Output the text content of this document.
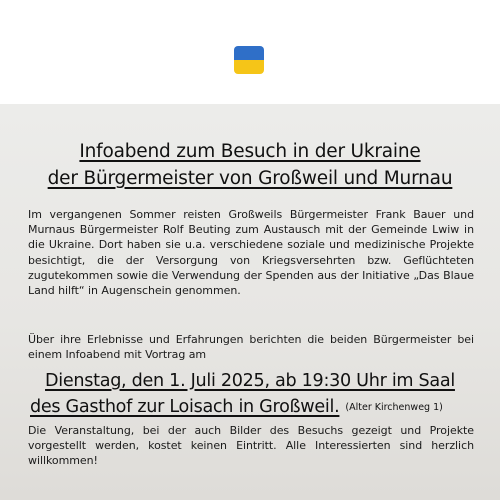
Infoabend zum Besuch in der Ukraine
der Bürgermeister von Großweil und Murnau
Im vergangenen Sommer reisten Großweils Bürgermeister Frank Bauer und Murnaus Bürgermeister Rolf Beuting zum Austausch mit der Gemeinde Lwiw in die Ukraine. Dort haben sie u.a. verschiedene soziale und medizinische Projekte besichtigt, die der Versorgung von Kriegsversehrten bzw. Geflüchteten zugutekommen sowie die Verwendung der Spenden aus der Initiative „Das Blaue Land hilft“ in Augenschein genommen.
Über ihre Erlebnisse und Erfahrungen berichten die beiden Bürgermeister bei einem Infoabend mit Vortrag am
Dienstag, den 1. Juli 2025, ab 19:30 Uhr im Saal
des Gasthof zur Loisach in Großweil. (Alter Kirchenweg 1)
Die Veranstaltung, bei der auch Bilder des Besuchs gezeigt und Projekte vorgestellt werden, kostet keinen Eintritt. Alle Interessierten sind herzlich willkommen!
